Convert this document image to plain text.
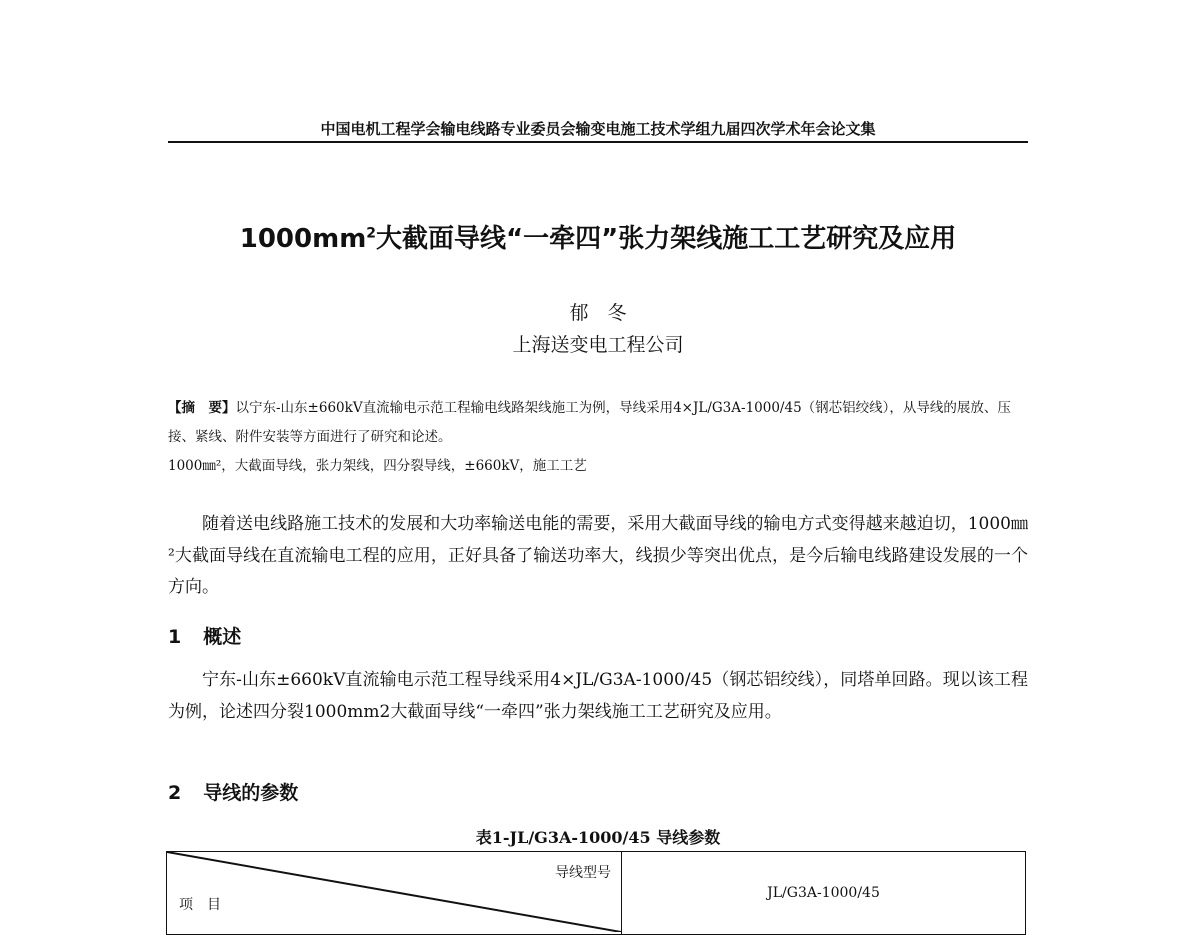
中国电机工程学会输电线路专业委员会输变电施工技术学组九届四次学术年会论文集
$1000mm^2$大截面导线“一牵四”张力架线施工工艺研究及应用
郁　冬
上海送变电工程公司
【摘　要】以宁东-山东±660kV直流输电示范工程输电线路架线施工为例，导线采用4×JL/G3A-1000/45（钢芯铝绞线），从导线的展放、压接、紧线、附件安装等方面进行了研究和论述。
1000㎜²，大截面导线，张力架线，四分裂导线，±660kV，施工工艺
随着送电线路施工技术的发展和大功率输送电能的需要，采用大截面导线的输电方式变得越来越迫切，1000㎜²大截面导线在直流输电工程的应用，正好具备了输送功率大，线损少等突出优点，是今后输电线路建设发展的一个方向。
1 概述
宁东-山东±660kV直流输电示范工程导线采用4×JL/G3A-1000/45（钢芯铝绞线），同塔单回路。现以该工程为例，论述四分裂1000mm2大截面导线“一牵四”张力架线施工工艺研究及应用。
2 导线的参数
表1-JL/G3A-1000/45 导线参数
导线型号
项　目
	JL/G3A-1000/45
